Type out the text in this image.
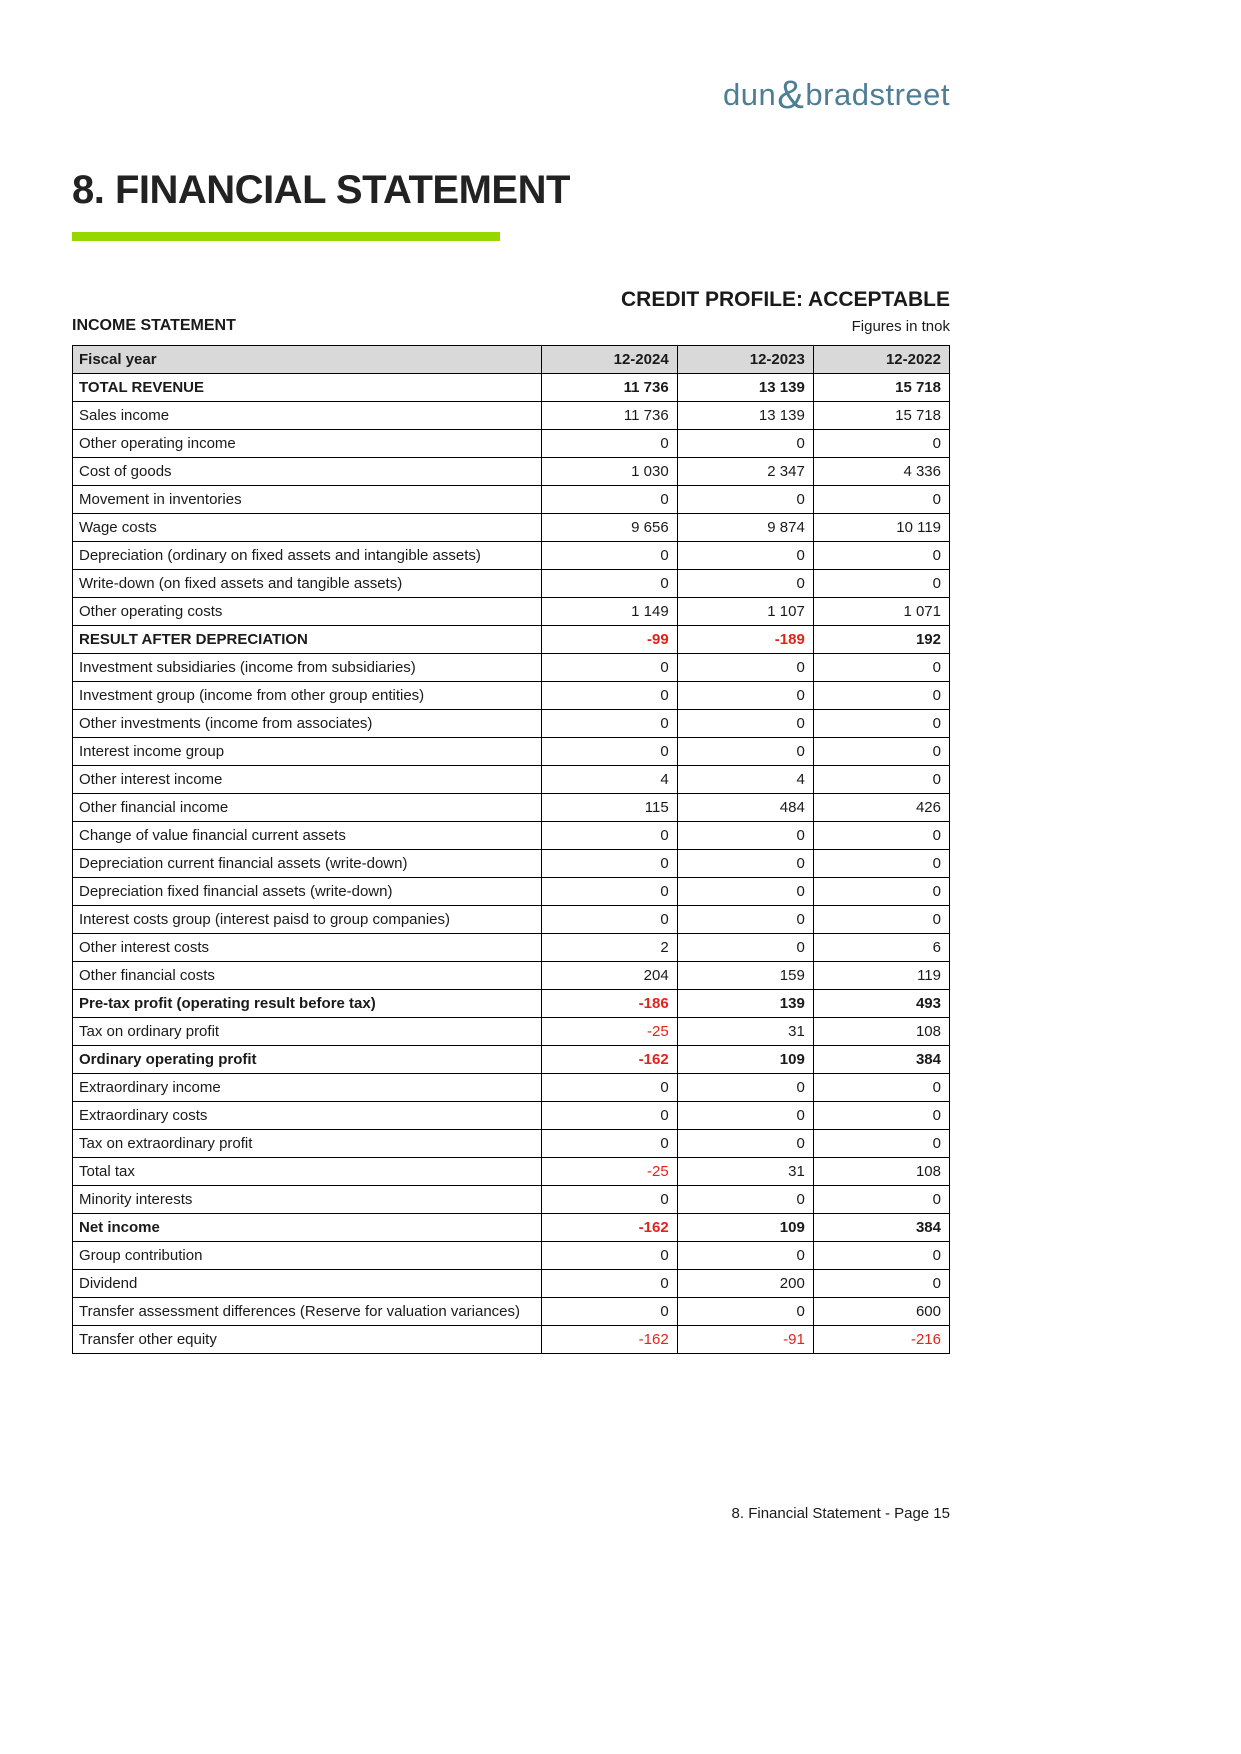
dun&bradstreet
8. FINANCIAL STATEMENT
CREDIT PROFILE: ACCEPTABLE
INCOME STATEMENT	Figures in tnok
Fiscal year	12-2024	12-2023	12-2022
TOTAL REVENUE	11 736	13 139	15 718
Sales income	11 736	13 139	15 718
Other operating income	0	0	0
Cost of goods	1 030	2 347	4 336
Movement in inventories	0	0	0
Wage costs	9 656	9 874	10 119
Depreciation (ordinary on fixed assets and intangible assets)	0	0	0
Write-down (on fixed assets and tangible assets)	0	0	0
Other operating costs	1 149	1 107	1 071
RESULT AFTER DEPRECIATION	-99	-189	192
Investment subsidiaries (income from subsidiaries)	0	0	0
Investment group (income from other group entities)	0	0	0
Other investments (income from associates)	0	0	0
Interest income group	0	0	0
Other interest income	4	4	0
Other financial income	115	484	426
Change of value financial current assets	0	0	0
Depreciation current financial assets (write-down)	0	0	0
Depreciation fixed financial assets (write-down)	0	0	0
Interest costs group (interest paisd to group companies)	0	0	0
Other interest costs	2	0	6
Other financial costs	204	159	119
Pre-tax profit (operating result before tax)	-186	139	493
Tax on ordinary profit	-25	31	108
Ordinary operating profit	-162	109	384
Extraordinary income	0	0	0
Extraordinary costs	0	0	0
Tax on extraordinary profit	0	0	0
Total tax	-25	31	108
Minority interests	0	0	0
Net income	-162	109	384
Group contribution	0	0	0
Dividend	0	200	0
Transfer assessment differences (Reserve for valuation variances)	0	0	600
Transfer other equity	-162	-91	-216
8. Financial Statement - Page 15
